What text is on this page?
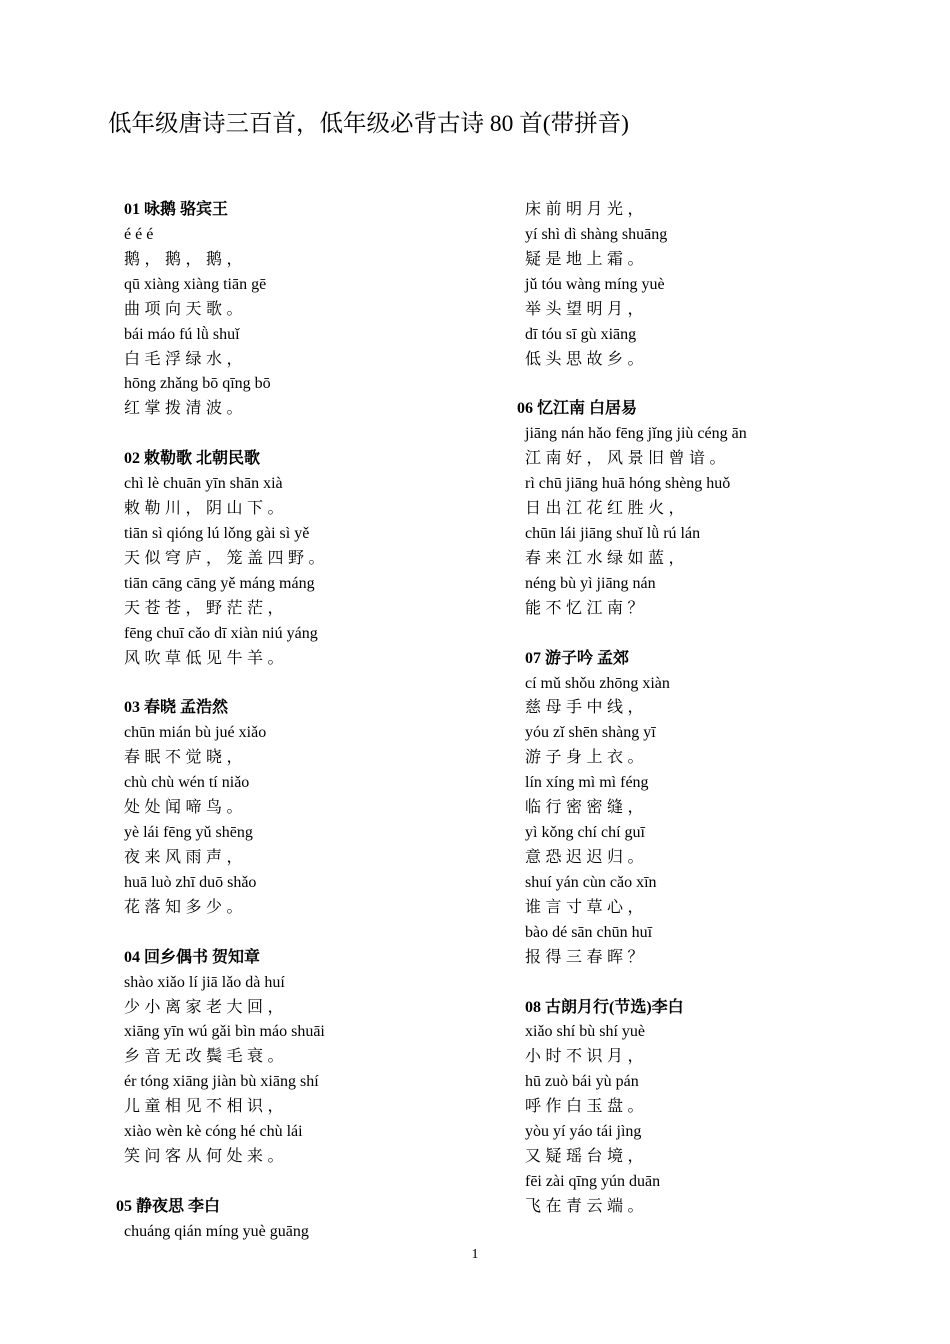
低年级唐诗三百首，低年级必背古诗 80 首(带拼音)
01 咏鹅 骆宾王
é é é
鹅，鹅，鹅，
qū xiàng xiàng tiān gē
曲项向天歌。
bái máo fú lǜ shuǐ
白毛浮绿水，
hōng zhǎng bō qīng bō
红掌拨清波。
02 敕勒歌 北朝民歌
chì lè chuān yīn shān xià
敕勒川，阴山下。
tiān sì qióng lú lǒng gài sì yě
天似穹庐，笼盖四野。
tiān cāng cāng yě máng máng
天苍苍，野茫茫，
fēng chuī cǎo dī xiàn niú yáng
风吹草低见牛羊。
03 春晓 孟浩然
chūn mián bù jué xiǎo
春眠不觉晓，
chù chù wén tí niǎo
处处闻啼鸟。
yè lái fēng yǔ shēng
夜来风雨声，
huā luò zhī duō shǎo
花落知多少。
04 回乡偶书 贺知章
shào xiǎo lí jiā lǎo dà huí
少小离家老大回，
xiāng yīn wú gǎi bìn máo shuāi
乡音无改鬓毛衰。
ér tóng xiāng jiàn bù xiāng shí
儿童相见不相识，
xiào wèn kè cóng hé chù lái
笑问客从何处来。
05 静夜思 李白
chuáng qián míng yuè guāng
床前明月光，
yí shì dì shàng shuāng
疑是地上霜。
jǔ tóu wàng míng yuè
举头望明月，
dī tóu sī gù xiāng
低头思故乡。
06 忆江南 白居易
jiāng nán hǎo fēng jǐng jiù céng ān
江南好，风景旧曾谙。
rì chū jiāng huā hóng shèng huǒ
日出江花红胜火，
chūn lái jiāng shuǐ lǜ rú lán
春来江水绿如蓝，
néng bù yì jiāng nán
能不忆江南？
07 游子吟 孟郊
cí mǔ shǒu zhōng xiàn
慈母手中线，
yóu zǐ shēn shàng yī
游子身上衣。
lín xíng mì mì féng
临行密密缝，
yì kǒng chí chí guī
意恐迟迟归。
shuí yán cùn cǎo xīn
谁言寸草心，
bào dé sān chūn huī
报得三春晖？
08 古朗月行(节选)李白
xiǎo shí bù shí yuè
小时不识月，
hū zuò bái yù pán
呼作白玉盘。
yòu yí yáo tái jìng
又疑瑶台境，
fēi zài qīng yún duān
飞在青云端。
1
